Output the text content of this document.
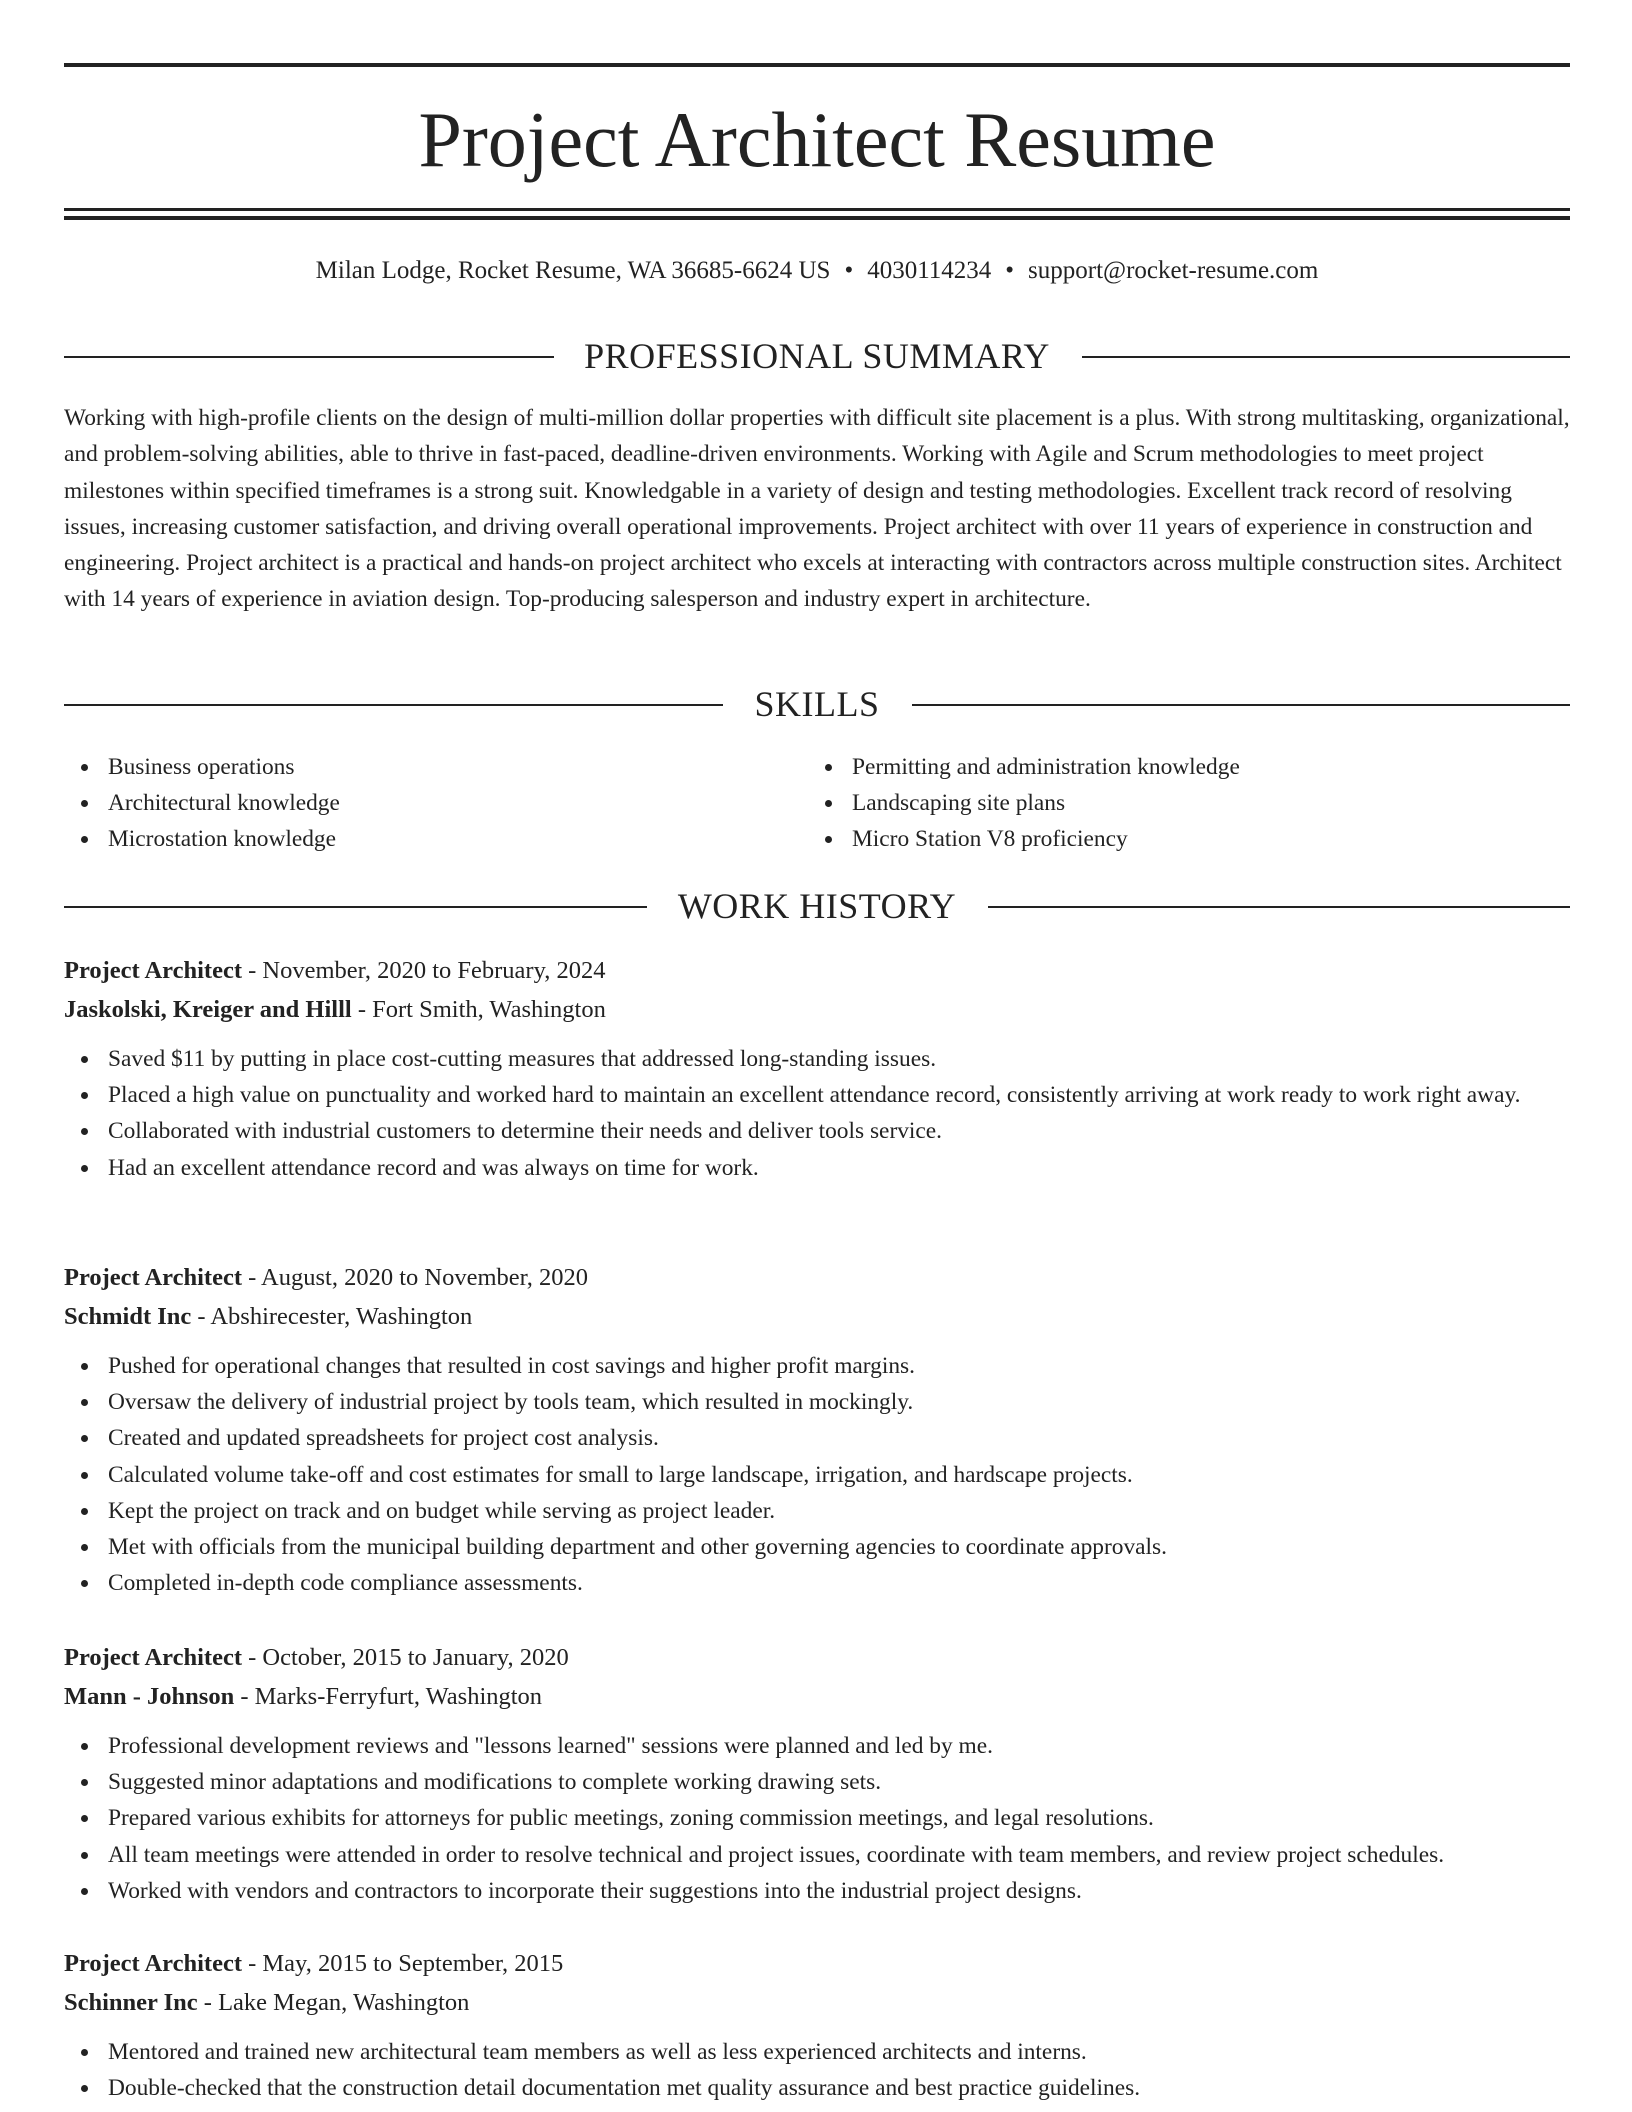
Project Architect Resume
Milan Lodge, Rocket Resume, WA 36685-6624 US • 4030114234 • support@rocket-resume.com
PROFESSIONAL SUMMARY

Working with high-profile clients on the design of multi-million dollar properties with difficult site placement is a plus. With strong multitasking, organizational, and problem-solving abilities, able to thrive in fast-paced, deadline-driven environments. Working with Agile and Scrum methodologies to meet project milestones within specified timeframes is a strong suit. Knowledgable in a variety of design and testing methodologies. Excellent track record of resolving issues, increasing customer satisfaction, and driving overall operational improvements. Project architect with over 11 years of experience in construction and engineering. Project architect is a practical and hands-on project architect who excels at interacting with contractors across multiple construction sites. Architect with 14 years of experience in aviation design. Top-producing salesperson and industry expert in architecture.

SKILLS
Business operations
Architectural knowledge
Microstation knowledge
Permitting and administration knowledge
Landscaping site plans
Micro Station V8 proficiency
WORK HISTORY
Project Architect - November, 2020 to February, 2024
Jaskolski, Kreiger and Hilll - Fort Smith, Washington
Saved $11 by putting in place cost-cutting measures that addressed long-standing issues.
Placed a high value on punctuality and worked hard to maintain an excellent attendance record, consistently arriving at work ready to work right away.
Collaborated with industrial customers to determine their needs and deliver tools service.
Had an excellent attendance record and was always on time for work.
Project Architect - August, 2020 to November, 2020
Schmidt Inc - Abshirecester, Washington
Pushed for operational changes that resulted in cost savings and higher profit margins.
Oversaw the delivery of industrial project by tools team, which resulted in mockingly.
Created and updated spreadsheets for project cost analysis.
Calculated volume take-off and cost estimates for small to large landscape, irrigation, and hardscape projects.
Kept the project on track and on budget while serving as project leader.
Met with officials from the municipal building department and other governing agencies to coordinate approvals.
Completed in-depth code compliance assessments.
Project Architect - October, 2015 to January, 2020
Mann - Johnson - Marks-Ferryfurt, Washington
Professional development reviews and "lessons learned" sessions were planned and led by me.
Suggested minor adaptations and modifications to complete working drawing sets.
Prepared various exhibits for attorneys for public meetings, zoning commission meetings, and legal resolutions.
All team meetings were attended in order to resolve technical and project issues, coordinate with team members, and review project schedules.
Worked with vendors and contractors to incorporate their suggestions into the industrial project designs.
Project Architect - May, 2015 to September, 2015
Schinner Inc - Lake Megan, Washington
Mentored and trained new architectural team members as well as less experienced architects and interns.
Double-checked that the construction detail documentation met quality assurance and best practice guidelines.
